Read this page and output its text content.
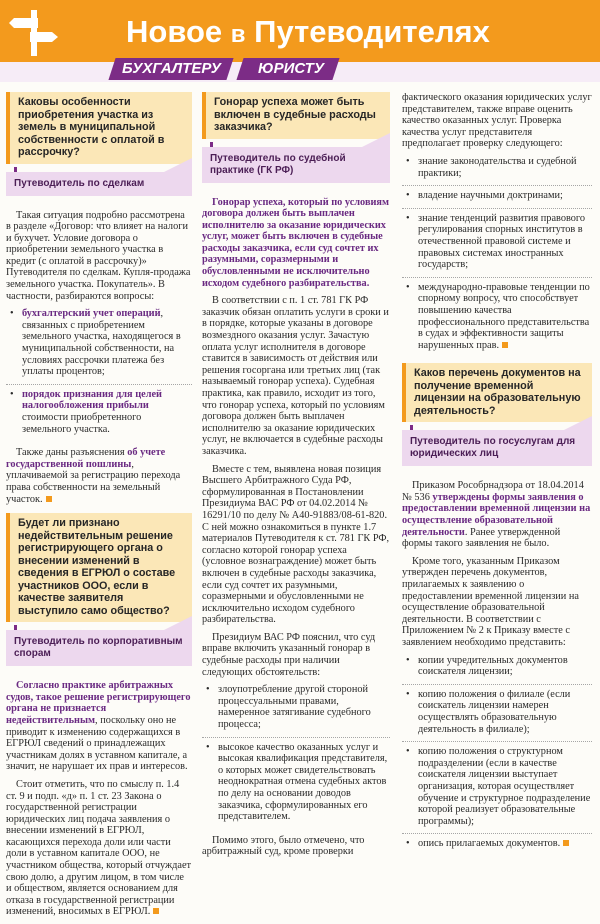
Новое в Путеводителях
БУХГАЛТЕРУ ЮРИСТУ
Каковы особенности приобретения участка из земель в муниципальной собственности с оплатой в рассрочку?
Путеводитель по сделкам

Такая ситуация подробно рассмотрена в разделе «Договор: что влияет на налоги и бухучет. Условие договора о приобретении земельного участка в кредит (с оплатой в рассрочку)» Путеводителя по сделкам. Купля-продажа земельного участка. Покупатель». В частности, разбираются вопросы:

• бухгалтерский учет операций, связанных с приобретением земельного участка, находящегося в муниципальной собственности, на условиях рассрочки платежа без уплаты процентов;
• порядок признания для целей налогообложения прибыли стоимости приобретенного земельного участка.

Также даны разъяснения об учете государственной пошлины, уплачиваемой за регистрацию перехода права собственности на земельный участок.

Будет ли признано недействительным решение регистрирующего органа о внесении изменений в сведения в ЕГРЮЛ о составе участников ООО, если в качестве заявителя выступило само общество?
Путеводитель по корпоративным спорам

Согласно практике арбитражных судов, такое решение регистрирующего органа не признается недействительным, поскольку оно не приводит к изменению содержащихся в ЕГРЮЛ сведений о принадлежащих участникам долях в уставном капитале, а значит, не нарушает их прав и интересов.

Стоит отметить, что по смыслу п. 1.4 ст. 9 и подп. «д» п. 1 ст. 23 Закона о государственной регистрации юридических лиц подача заявления о внесении изменений в ЕГРЮЛ, касающихся перехода доли или части доли в уставном капитале ООО, не участником общества, который отчуждает свою долю, а другим лицом, в том числе и обществом, является основанием для отказа в государственной регистрации изменений, вносимых в ЕГРЮЛ.

Гонорар успеха может быть включен в судебные расходы заказчика?
Путеводитель по судебной практике (ГК РФ)

Гонорар успеха, который по условиям договора должен быть выплачен исполнителю за оказание юридических услуг, может быть включен в судебные расходы заказчика, если суд сочтет их разумными, соразмерными и обусловленными не исключительно исходом судебного разбирательства.

В соответствии с п. 1 ст. 781 ГК РФ заказчик обязан оплатить услуги в сроки и в порядке, которые указаны в договоре возмездного оказания услуг. Зачастую оплата услуг исполнителя в договоре ставится в зависимость от действия или решения госоргана или третьих лиц (так называемый гонорар успеха). Судебная практика, как правило, исходит из того, что гонорар успеха, который по условиям договора должен быть выплачен исполнителю за оказание юридических услуг, не включается в судебные расходы заказчика.

Вместе с тем, выявлена новая позиция Высшего Арбитражного Суда РФ, сформулированная в Постановлении Президиума ВАС РФ от 04.02.2014 № 16291/10 по делу № А40-91883/08-61-820. С ней можно ознакомиться в пункте 1.7 материалов Путеводителя к ст. 781 ГК РФ, согласно которой гонорар успеха (условное вознаграждение) может быть включен в судебные расходы заказчика, если суд сочтет их разумными, соразмерными и обусловленными не исключительно исходом судебного разбирательства.

Президиум ВАС РФ пояснил, что суд вправе включить указанный гонорар в судебные расходы при наличии следующих обстоятельств:

• злоупотребление другой стороной процессуальными правами, намеренное затягивание судебного процесса;
• высокое качество оказанных услуг и высокая квалификация представителя, о которых может свидетельствовать неоднократная отмена судебных актов по делу на основании доводов заказчика, сформулированных его представителем.

Помимо этого, было отмечено, что арбитражный суд, кроме проверки

фактического оказания юридических услуг представителем, также вправе оценить качество оказанных услуг. Проверка качества услуг представителя предполагает проверку следующего:

• знание законодательства и судебной практики;
• владение научными доктринами;
• знание тенденций развития правового регулирования спорных институтов в отечественной правовой системе и правовых системах иностранных государств;
• международно-правовые тенденции по спорному вопросу, что способствует повышению качества профессионального представительства в судах и эффективности защиты нарушенных прав.
Каков перечень документов на получение временной лицензии на образовательную деятельность?
Путеводитель по госуслугам для юридических лиц

Приказом Рособрнадзора от 18.04.2014 № 536 утверждены формы заявления о предоставлении временной лицензии на осуществление образовательной деятельности. Ранее утвержденной формы такого заявления не было.

Кроме того, указанным Приказом утвержден перечень документов, прилагаемых к заявлению о предоставлении временной лицензии на осуществление образовательной деятельности. В соответствии с Приложением № 2 к Приказу вместе с заявлением необходимо представить:

• копии учредительных документов соискателя лицензии;
• копию положения о филиале (если соискатель лицензии намерен осуществлять образовательную деятельность в филиале);
• копию положения о структурном подразделении (если в качестве соискателя лицензии выступает организация, которая осуществляет обучение и структурное подразделение которой реализует образовательные программы);
• опись прилагаемых документов.
